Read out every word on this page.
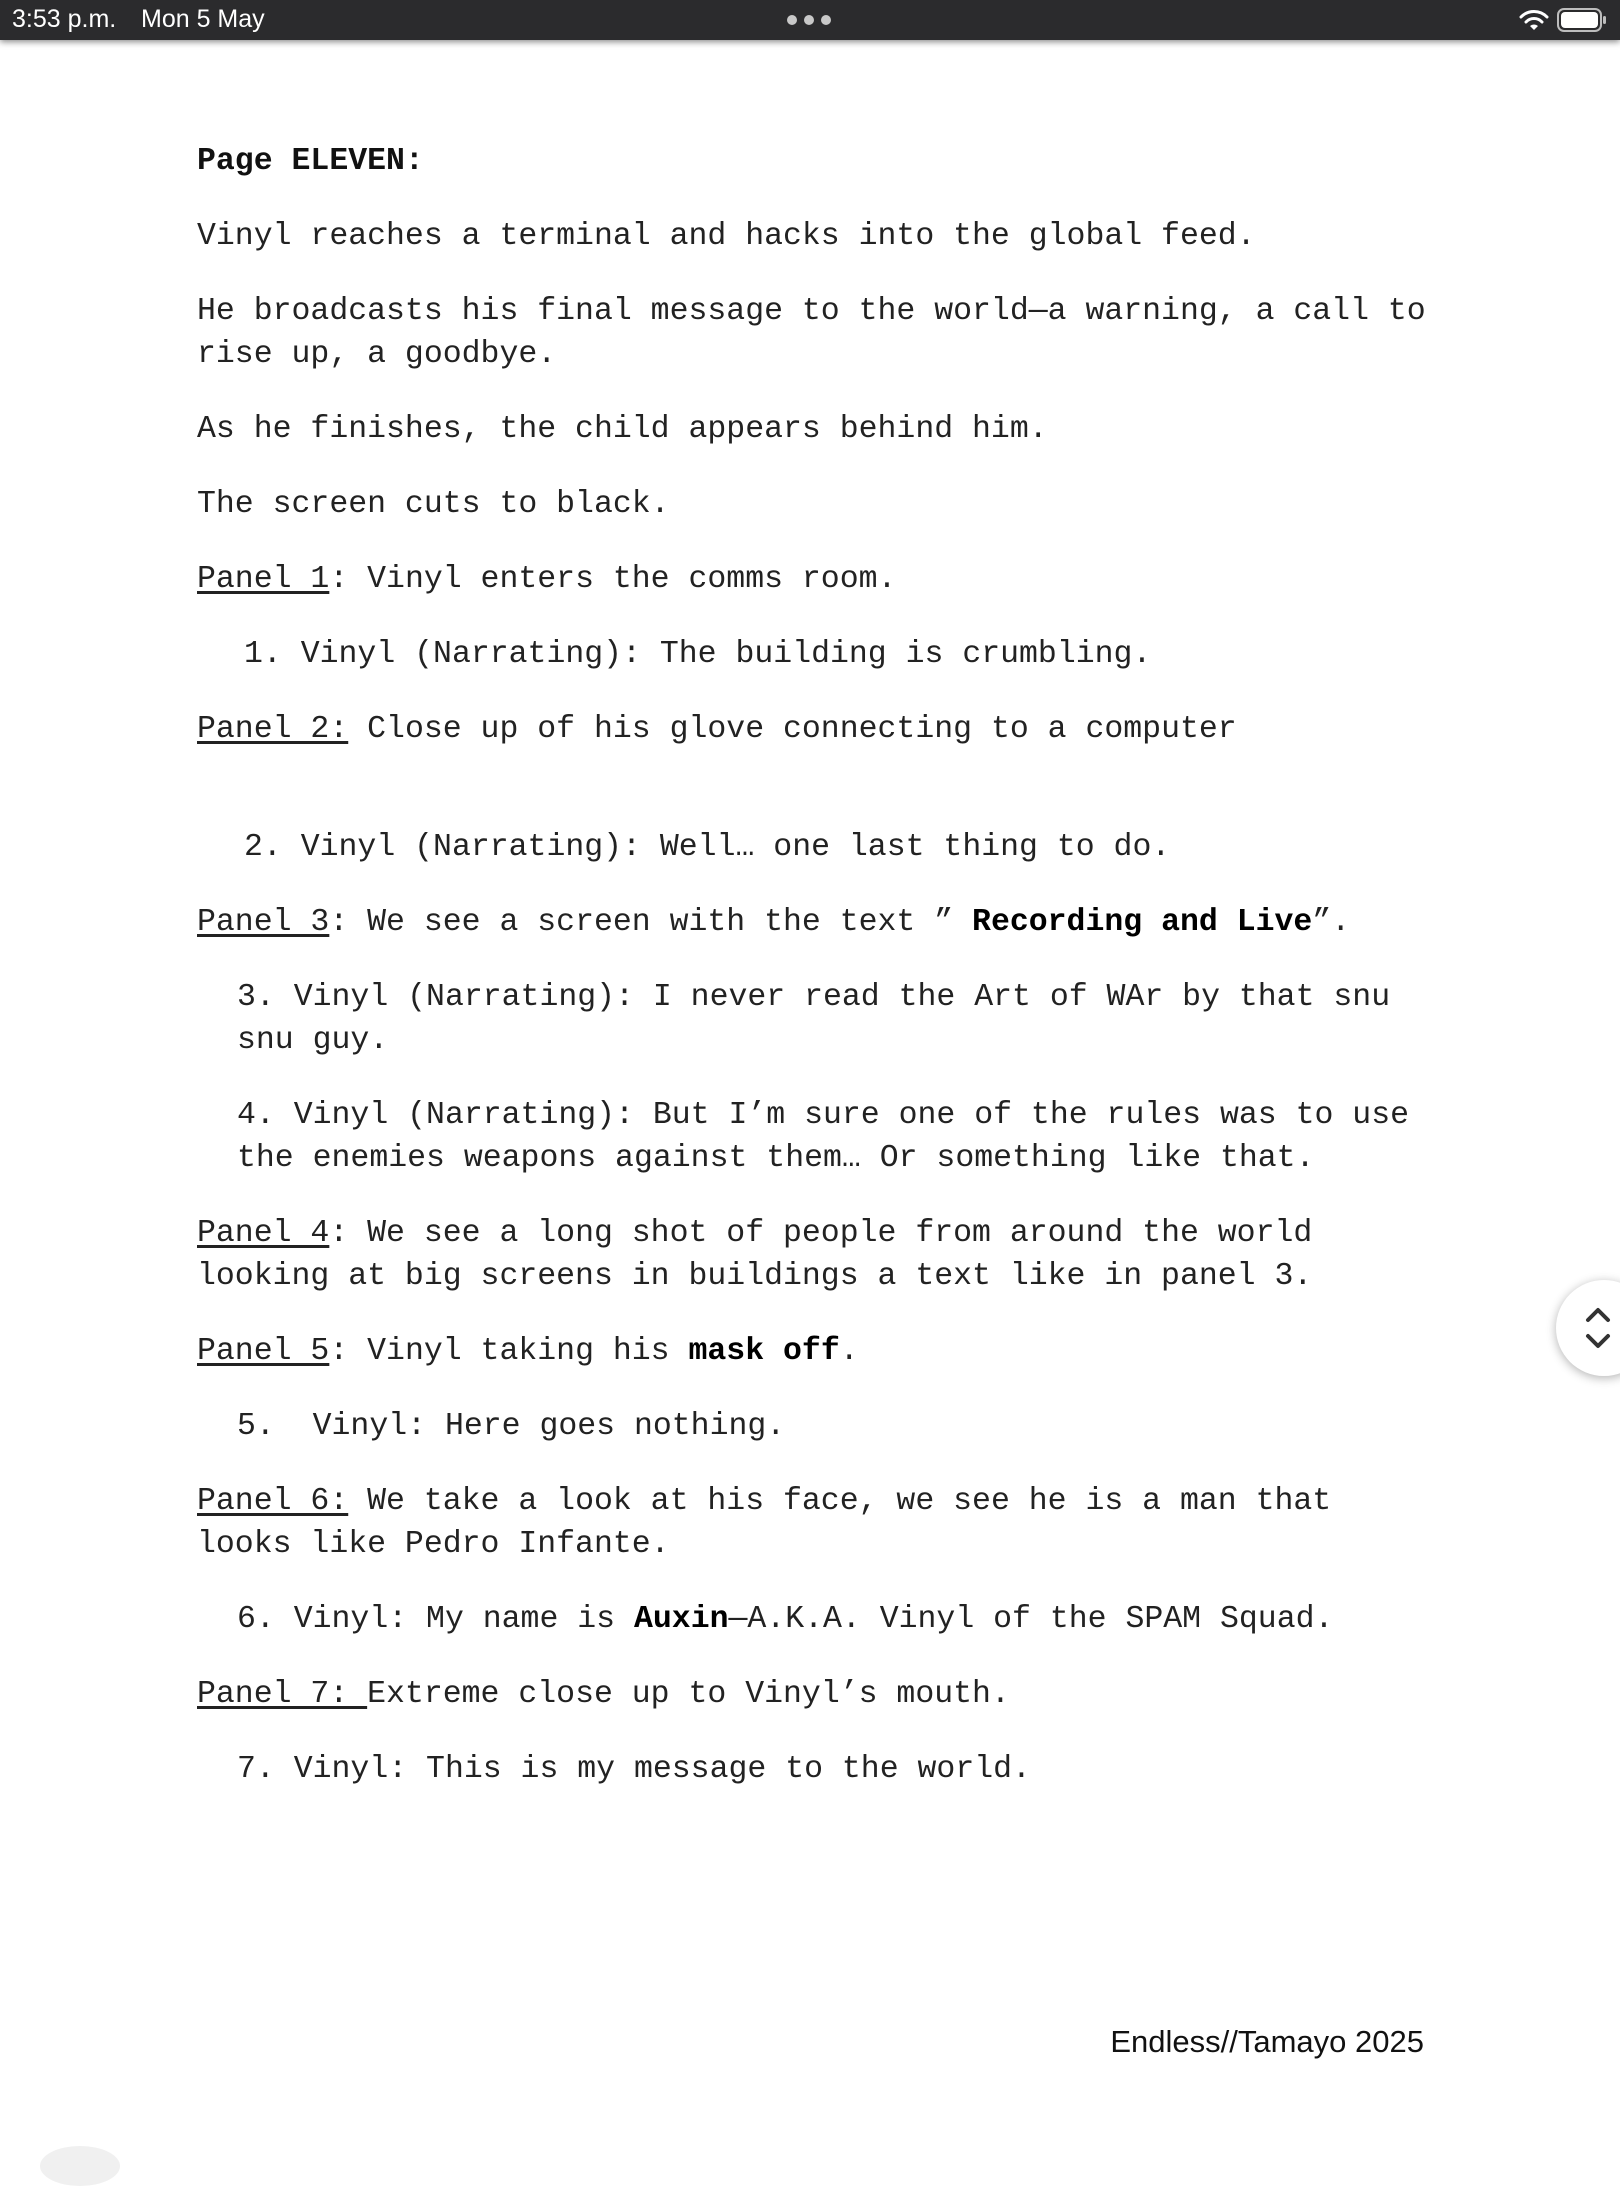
3:53 p.m. Mon 5 May

Page ELEVEN:

Vinyl reaches a terminal and hacks into the global feed.

He broadcasts his final message to the world—a warning, a call to rise up, a goodbye.

As he finishes, the child appears behind him.

The screen cuts to black.

Panel 1: Vinyl enters the comms room.

1. Vinyl (Narrating): The building is crumbling.

Panel 2: Close up of his glove connecting to a computer

2. Vinyl (Narrating): Well… one last thing to do.

Panel 3: We see a screen with the text ” Recording and Live”.

3. Vinyl (Narrating): I never read the Art of WAr by that snu snu guy.

4. Vinyl (Narrating): But I’m sure one of the rules was to use the enemies weapons against them… Or something like that.

Panel 4: We see a long shot of people from around the world looking at big screens in buildings a text like in panel 3.

Panel 5: Vinyl taking his mask off.

5.  Vinyl: Here goes nothing.

Panel 6: We take a look at his face, we see he is a man that looks like Pedro Infante.

6. Vinyl: My name is Auxin—A.K.A. Vinyl of the SPAM Squad.

Panel 7: Extreme close up to Vinyl’s mouth.

7. Vinyl: This is my message to the world.

Endless//Tamayo 2025
